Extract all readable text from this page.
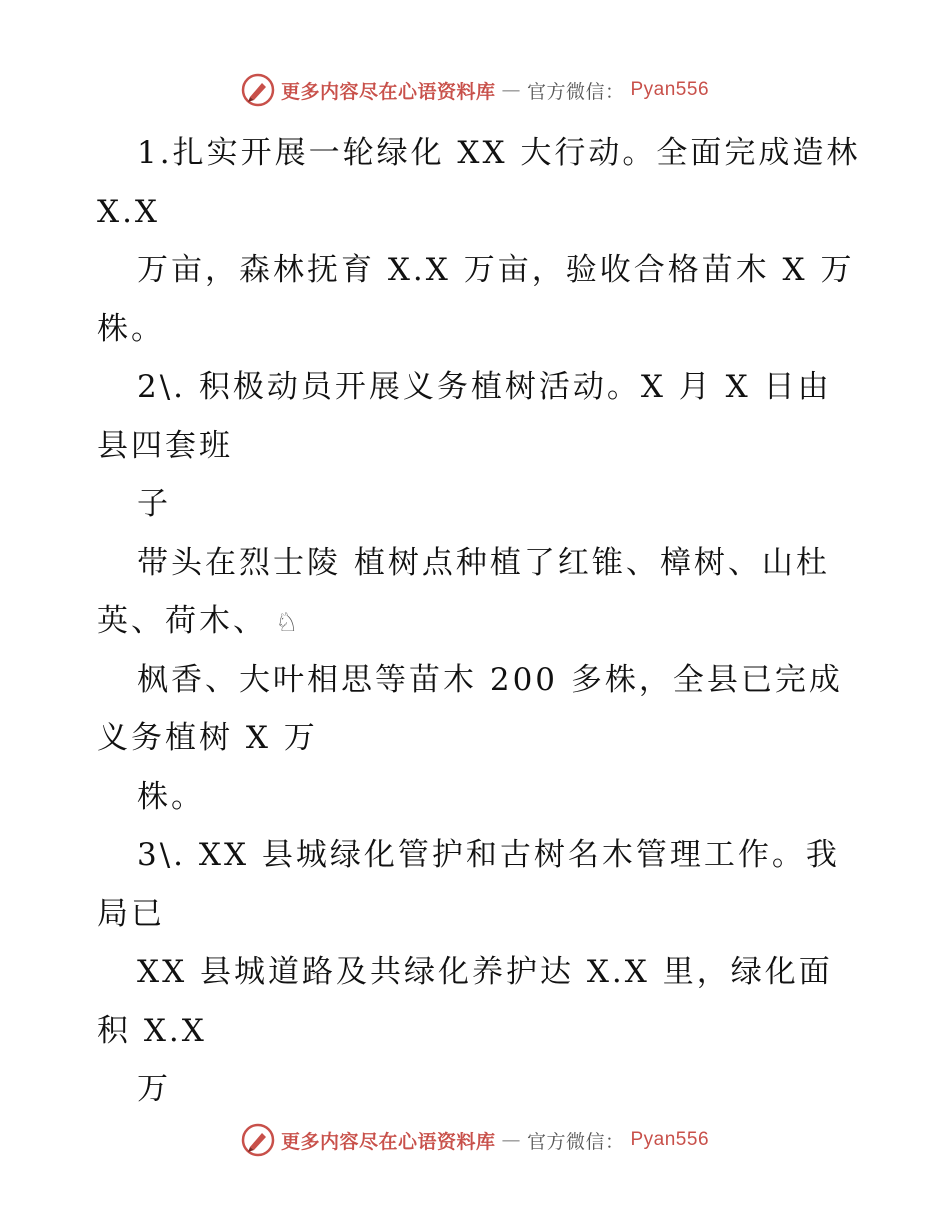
更多内容尽在心语资料库 — 官方微信： Pyan556
1.扎实开展一轮绿化 XX 大行动。全面完成造林
X.X
万亩，森林抚育 X.X 万亩，验收合格苗木 X 万
株。
2\. 积极动员开展义务植树活动。X 月 X 日由
县四套班
子
带头在烈士陵 植树点种植了红锥、樟树、山杜
英、荷木、 ♘
枫香、大叶相思等苗木 200 多株，全县已完成
义务植树 X 万
株。
3\. XX 县城绿化管护和古树名木管理工作。我
局已
XX 县城道路及共绿化养护达 X.X 里，绿化面
积 X.X
万
更多内容尽在心语资料库 — 官方微信： Pyan556
